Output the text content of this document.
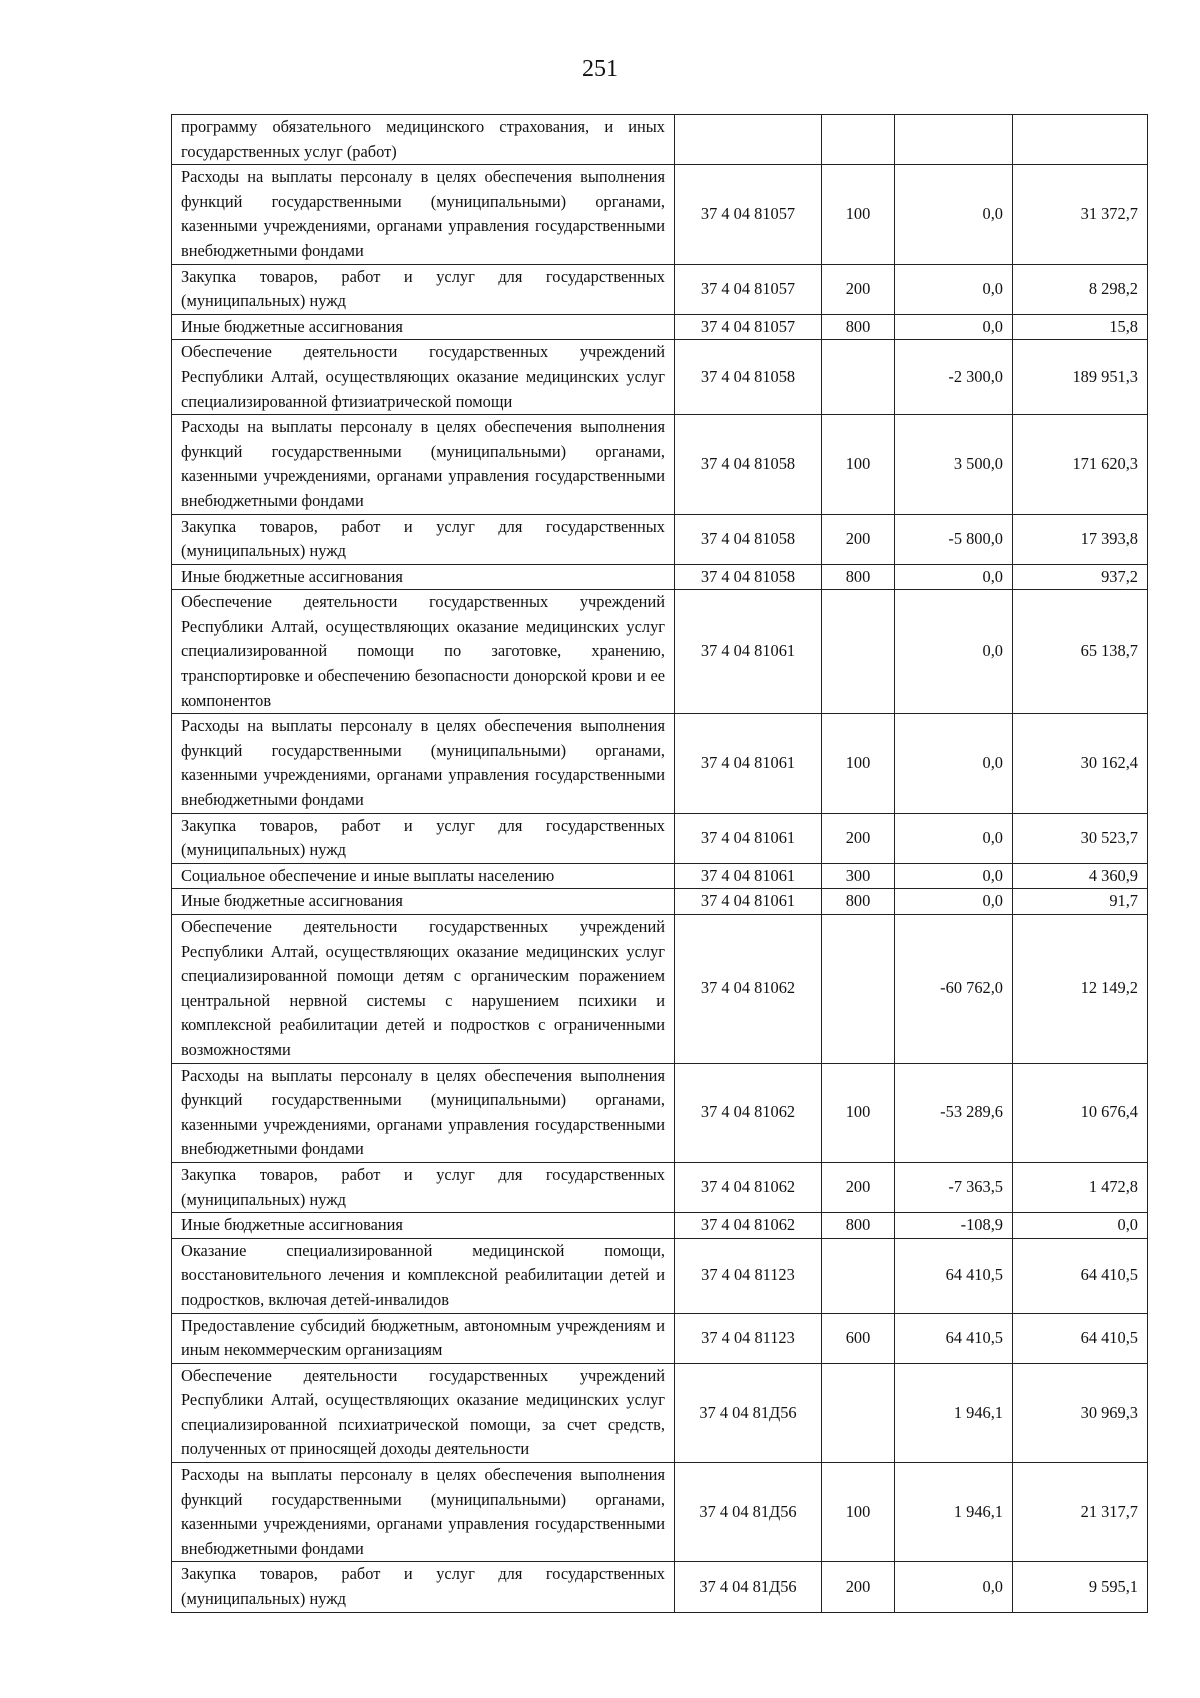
251
программу обязательного медицинского страхования, и иных государственных услуг (работ)				
Расходы на выплаты персоналу в целях обеспечения выполнения функций государственными (муниципальными) органами, казенными учреждениями, органами управления государственными внебюджетными фондами	37 4 04 81057	100	0,0	31 372,7
Закупка товаров, работ и услуг для государственных (муниципальных) нужд	37 4 04 81057	200	0,0	8 298,2
Иные бюджетные ассигнования	37 4 04 81057	800	0,0	15,8
Обеспечение деятельности государственных учреждений Республики Алтай, осуществляющих оказание медицинских услуг специализированной фтизиатрической помощи	37 4 04 81058		-2 300,0	189 951,3
Расходы на выплаты персоналу в целях обеспечения выполнения функций государственными (муниципальными) органами, казенными учреждениями, органами управления государственными внебюджетными фондами	37 4 04 81058	100	3 500,0	171 620,3
Закупка товаров, работ и услуг для государственных (муниципальных) нужд	37 4 04 81058	200	-5 800,0	17 393,8
Иные бюджетные ассигнования	37 4 04 81058	800	0,0	937,2
Обеспечение деятельности государственных учреждений Республики Алтай, осуществляющих оказание медицинских услуг специализированной помощи по заготовке, хранению, транспортировке и обеспечению безопасности донорской крови и ее компонентов	37 4 04 81061		0,0	65 138,7
Расходы на выплаты персоналу в целях обеспечения выполнения функций государственными (муниципальными) органами, казенными учреждениями, органами управления государственными внебюджетными фондами	37 4 04 81061	100	0,0	30 162,4
Закупка товаров, работ и услуг для государственных (муниципальных) нужд	37 4 04 81061	200	0,0	30 523,7
Социальное обеспечение и иные выплаты населению	37 4 04 81061	300	0,0	4 360,9
Иные бюджетные ассигнования	37 4 04 81061	800	0,0	91,7
Обеспечение деятельности государственных учреждений Республики Алтай, осуществляющих оказание медицинских услуг специализированной помощи детям с органическим поражением центральной нервной системы с нарушением психики и комплексной реабилитации детей и подростков с ограниченными возможностями	37 4 04 81062		-60 762,0	12 149,2
Расходы на выплаты персоналу в целях обеспечения выполнения функций государственными (муниципальными) органами, казенными учреждениями, органами управления государственными внебюджетными фондами	37 4 04 81062	100	-53 289,6	10 676,4
Закупка товаров, работ и услуг для государственных (муниципальных) нужд	37 4 04 81062	200	-7 363,5	1 472,8
Иные бюджетные ассигнования	37 4 04 81062	800	-108,9	0,0
Оказание специализированной медицинской помощи, восстановительного лечения и комплексной реабилитации детей и подростков, включая детей-инвалидов	37 4 04 81123		64 410,5	64 410,5
Предоставление субсидий бюджетным, автономным учреждениям и иным некоммерческим организациям	37 4 04 81123	600	64 410,5	64 410,5
Обеспечение деятельности государственных учреждений Республики Алтай, осуществляющих оказание медицинских услуг специализированной психиатрической помощи, за счет средств, полученных от приносящей доходы деятельности	37 4 04 81Д56		1 946,1	30 969,3
Расходы на выплаты персоналу в целях обеспечения выполнения функций государственными (муниципальными) органами, казенными учреждениями, органами управления государственными внебюджетными фондами	37 4 04 81Д56	100	1 946,1	21 317,7
Закупка товаров, работ и услуг для государственных (муниципальных) нужд	37 4 04 81Д56	200	0,0	9 595,1
